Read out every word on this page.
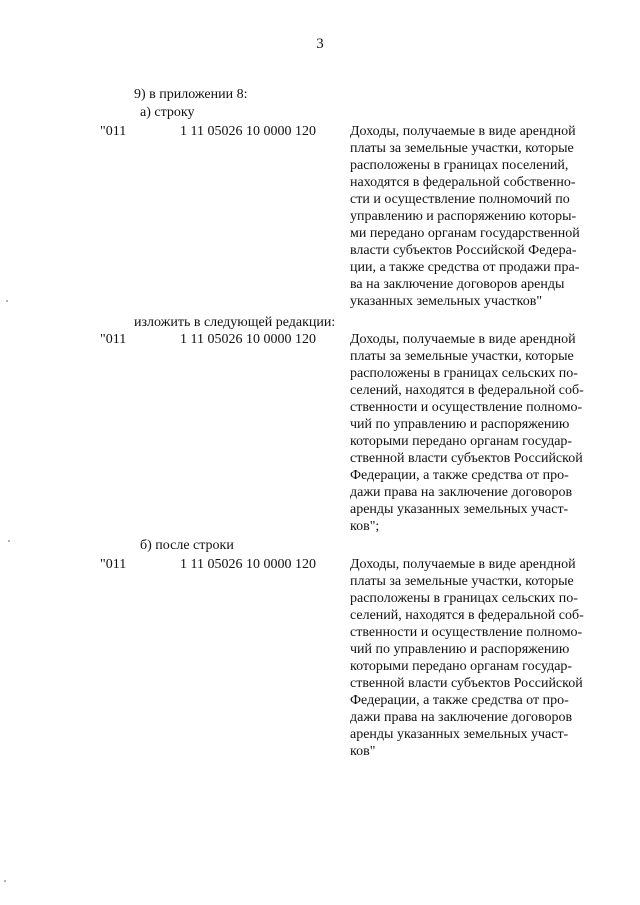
3
9) в приложении 8:
а) строку
"011	1 11 05026 10 0000 120 Доходы, получаемые в виде арендной
платы за земельные участки, которые
расположены в границах поселений,
находятся в федеральной собственно-
сти и осуществление полномочий по
управлению и распоряжению которы-
ми передано органам государственной
власти субъектов Российской Федера-
ции, а также средства от продажи пра-
ва на заключение договоров аренды
указанных земельных участков"
изложить в следующей редакции:
"011	1 11 05026 10 0000 120 Доходы, получаемые в виде арендной
платы за земельные участки, которые
расположены в границах сельских по-
селений, находятся в федеральной соб-
ственности и осуществление полномо-
чий по управлению и распоряжению
которыми передано органам государ-
ственной власти субъектов Российской
Федерации, а также средства от про-
дажи права на заключение договоров
аренды указанных земельных участ-
ков";
б) после строки
"011	1 11 05026 10 0000 120 Доходы, получаемые в виде арендной
платы за земельные участки, которые
расположены в границах сельских по-
селений, находятся в федеральной соб-
ственности и осуществление полномо-
чий по управлению и распоряжению
которыми передано органам государ-
ственной власти субъектов Российской
Федерации, а также средства от про-
дажи права на заключение договоров
аренды указанных земельных участ-
ков"
